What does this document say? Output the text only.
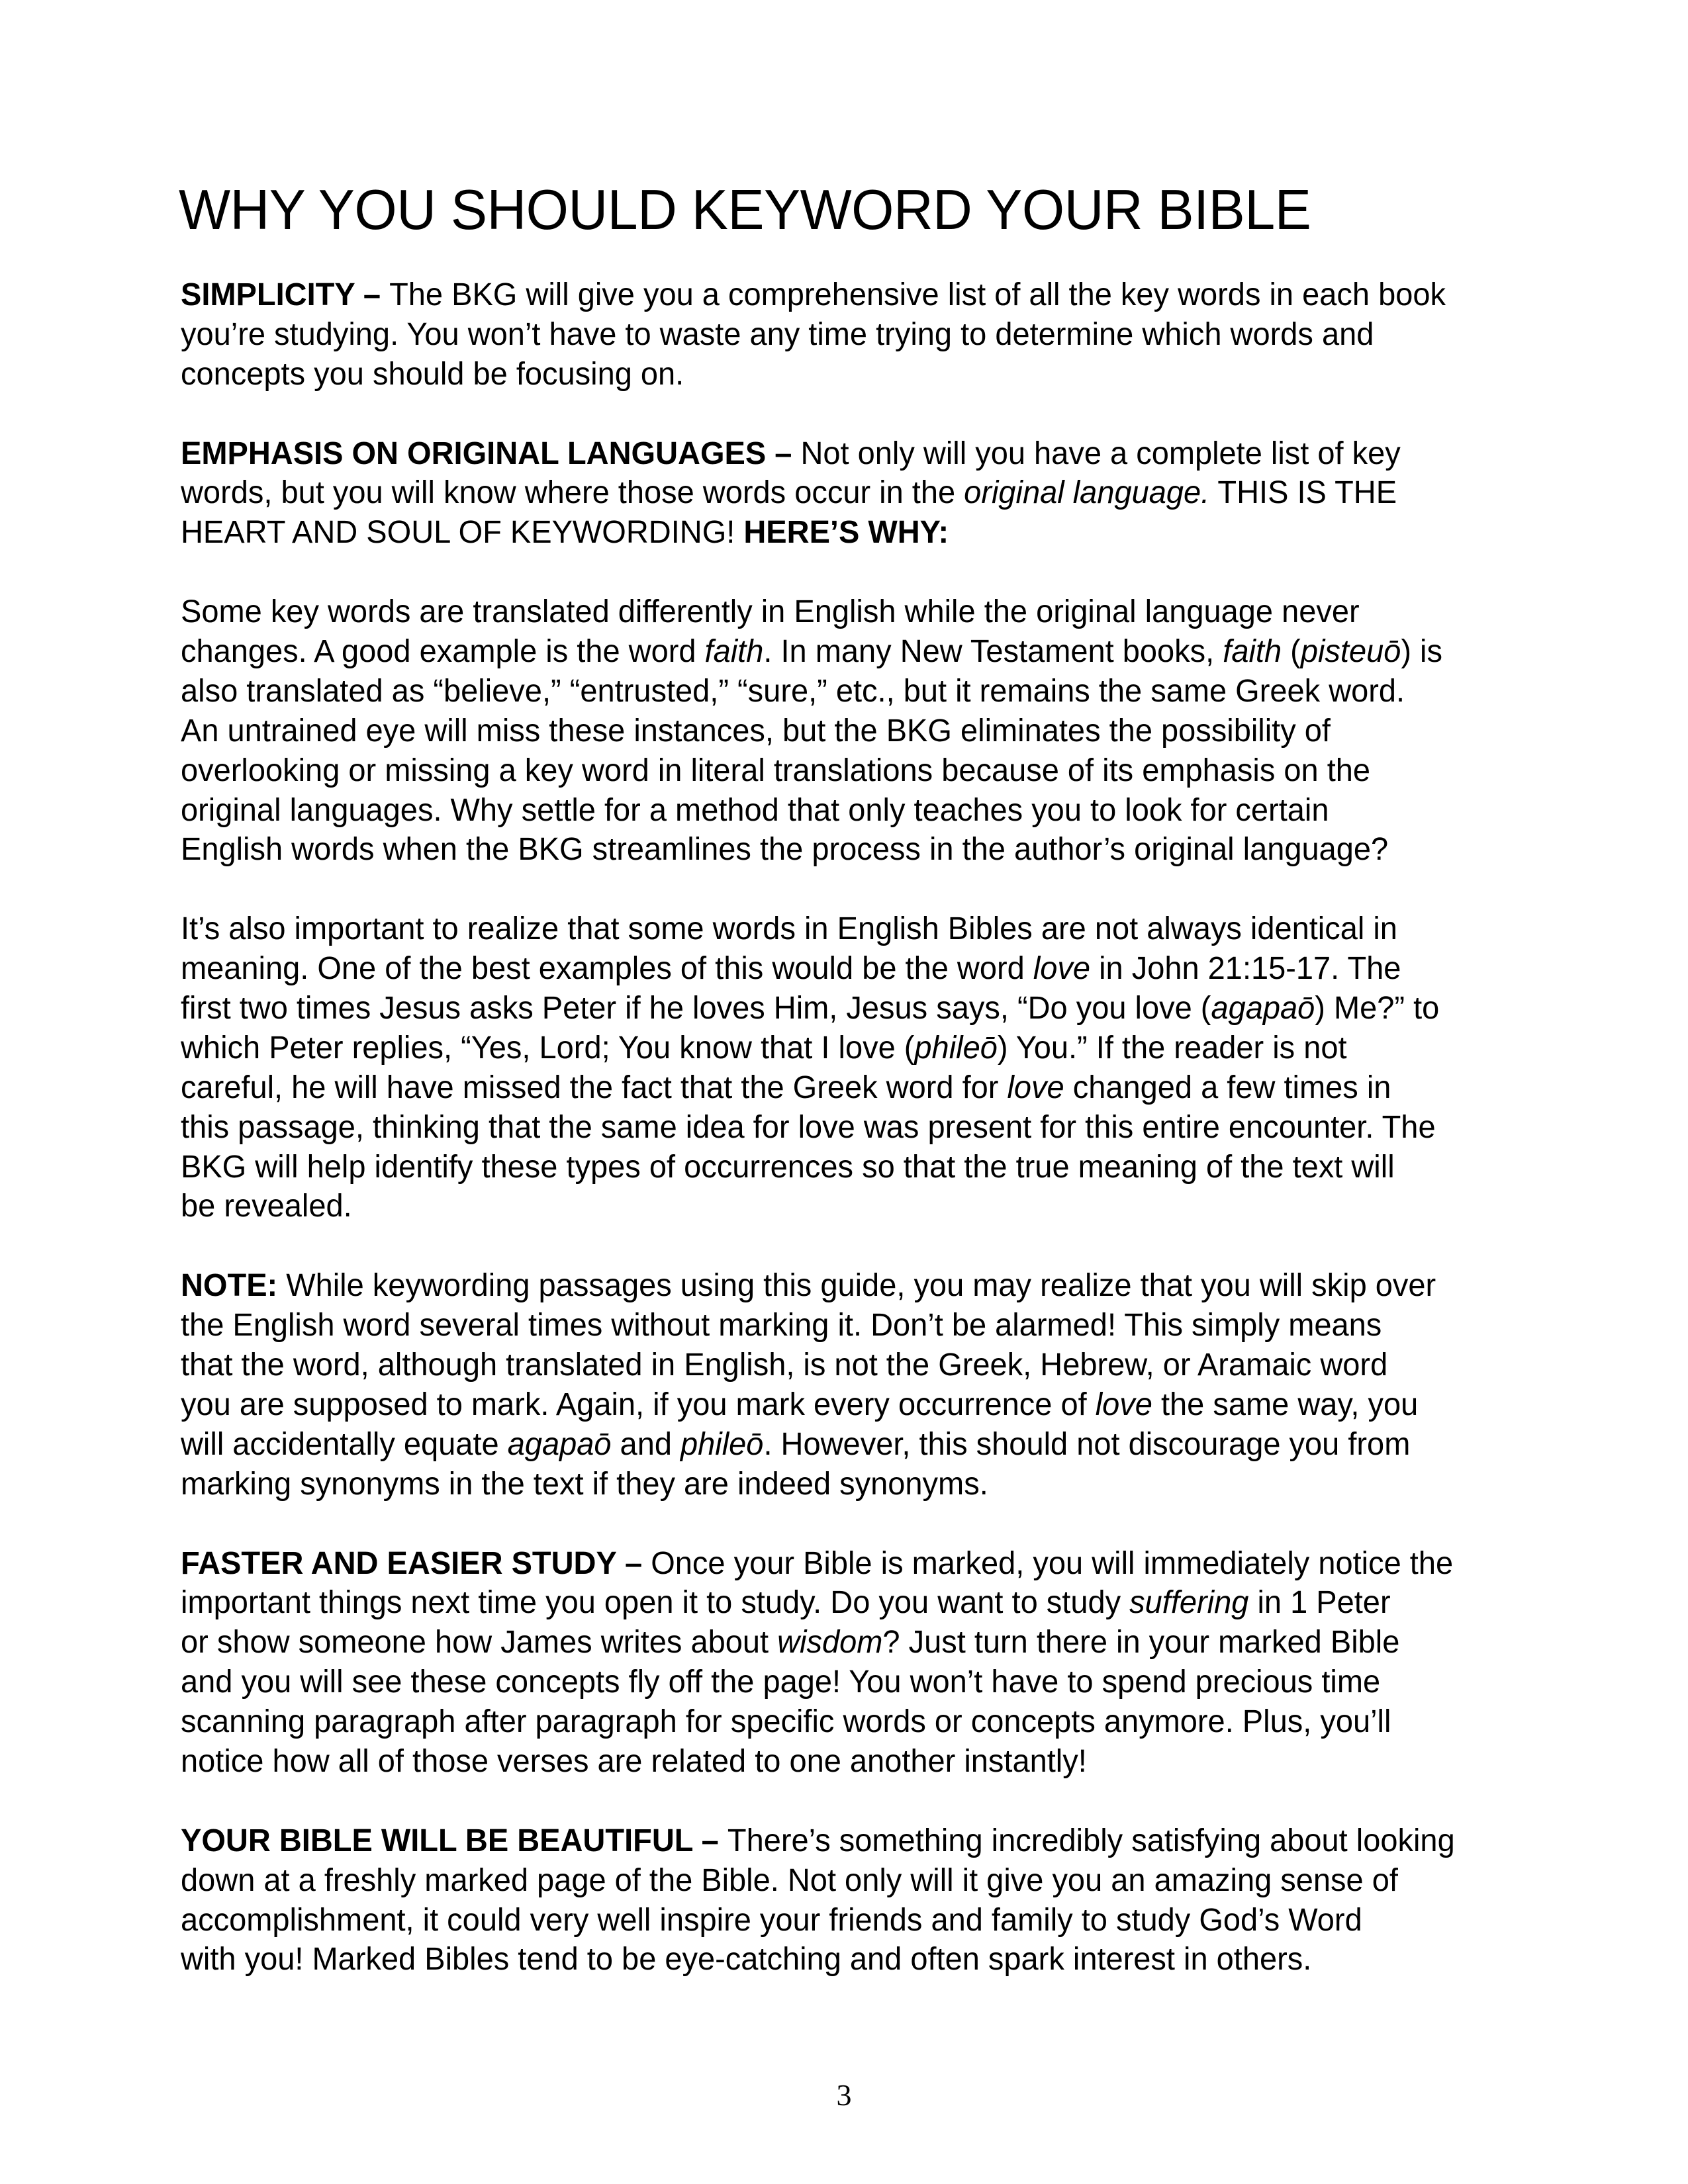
WHY YOU SHOULD KEYWORD YOUR BIBLE
SIMPLICITY – The BKG will give you a comprehensive list of all the key words in each book
you’re studying. You won’t have to waste any time trying to determine which words and
concepts you should be focusing on.
EMPHASIS ON ORIGINAL LANGUAGES – Not only will you have a complete list of key
words, but you will know where those words occur in the original language. THIS IS THE
HEART AND SOUL OF KEYWORDING! HERE’S WHY:
Some key words are translated differently in English while the original language never
changes. A good example is the word faith. In many New Testament books, faith (pisteuō) is
also translated as “believe,” “entrusted,” “sure,” etc., but it remains the same Greek word.
An untrained eye will miss these instances, but the BKG eliminates the possibility of
overlooking or missing a key word in literal translations because of its emphasis on the
original languages. Why settle for a method that only teaches you to look for certain
English words when the BKG streamlines the process in the author’s original language?
It’s also important to realize that some words in English Bibles are not always identical in
meaning. One of the best examples of this would be the word love in John 21:15-17. The
first two times Jesus asks Peter if he loves Him, Jesus says, “Do you love (agapaō) Me?” to
which Peter replies, “Yes, Lord; You know that I love (phileō) You.” If the reader is not
careful, he will have missed the fact that the Greek word for love changed a few times in
this passage, thinking that the same idea for love was present for this entire encounter. The
BKG will help identify these types of occurrences so that the true meaning of the text will
be revealed.
NOTE: While keywording passages using this guide, you may realize that you will skip over
the English word several times without marking it. Don’t be alarmed! This simply means
that the word, although translated in English, is not the Greek, Hebrew, or Aramaic word
you are supposed to mark. Again, if you mark every occurrence of love the same way, you
will accidentally equate agapaō and phileō. However, this should not discourage you from
marking synonyms in the text if they are indeed synonyms.
FASTER AND EASIER STUDY – Once your Bible is marked, you will immediately notice the
important things next time you open it to study. Do you want to study suffering in 1 Peter
or show someone how James writes about wisdom? Just turn there in your marked Bible
and you will see these concepts fly off the page! You won’t have to spend precious time
scanning paragraph after paragraph for specific words or concepts anymore. Plus, you’ll
notice how all of those verses are related to one another instantly!
YOUR BIBLE WILL BE BEAUTIFUL – There’s something incredibly satisfying about looking
down at a freshly marked page of the Bible. Not only will it give you an amazing sense of
accomplishment, it could very well inspire your friends and family to study God’s Word
with you! Marked Bibles tend to be eye-catching and often spark interest in others.
3
